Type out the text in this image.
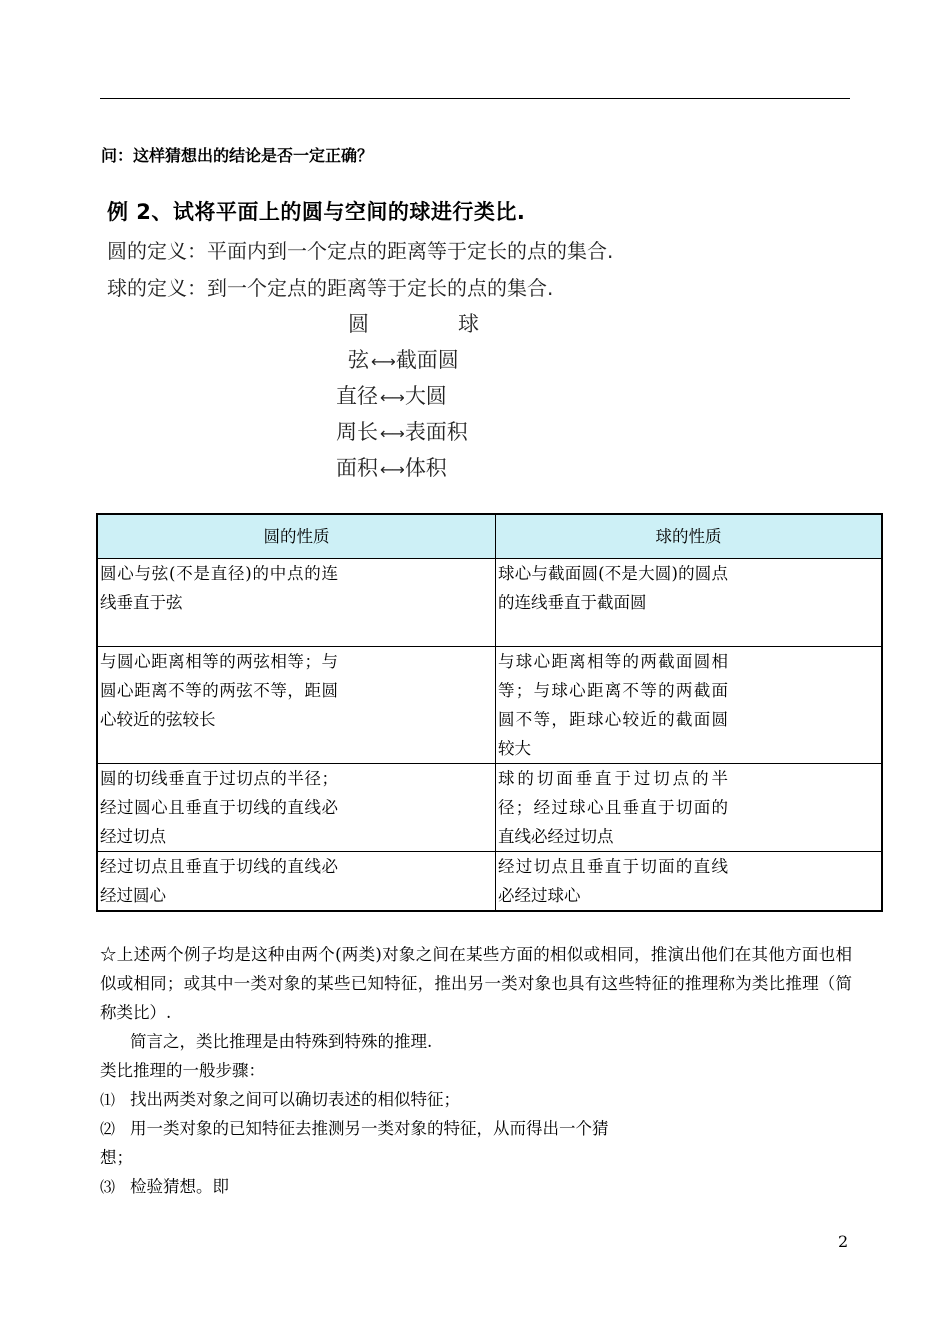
问：这样猜想出的结论是否一定正确？
例 2、试将平面上的圆与空间的球进行类比.
圆的定义：平面内到一个定点的距离等于定长的点的集合.
球的定义：到一个定点的距离等于定长的点的集合.
圆	球
弦 ←→截面圆
直径 ←→大圆
周长 ←→表面积
面积 ←→体积
圆的性质	球的性质

圆心与弦(不是直径)的中点的连线垂直于弦	球心与截面圆(不是大圆)的圆点的连线垂直于截面圆

与圆心距离相等的两弦相等；与圆心距离不等的两弦不等，距圆心较近的弦较长	与球心距离相等的两截面圆相等；与球心距离不等的两截面圆不等，距球心较近的截面圆较大

圆的切线垂直于过切点的半径；经过圆心且垂直于切线的直线必经过切点	球的切面垂直于过切点的半径；经过球心且垂直于切面的直线必经过切点

经过切点且垂直于切线的直线必经过圆心	经过切点且垂直于切面的直线必经过球心
☆上述两个例子均是这种由两个(两类)对象之间在某些方面的相似或相同，推演出他们在其他方面也相似或相同；或其中一类对象的某些已知特征，推出另一类对象也具有这些特征的推理称为类比推理（简称类比）.
简言之，类比推理是由特殊到特殊的推理.
类比推理的一般步骤：
⑴ 找出两类对象之间可以确切表述的相似特征；
⑵ 用一类对象的已知特征去推测另一类对象的特征，从而得出一个猜
想；
⑶ 检验猜想。即
2
